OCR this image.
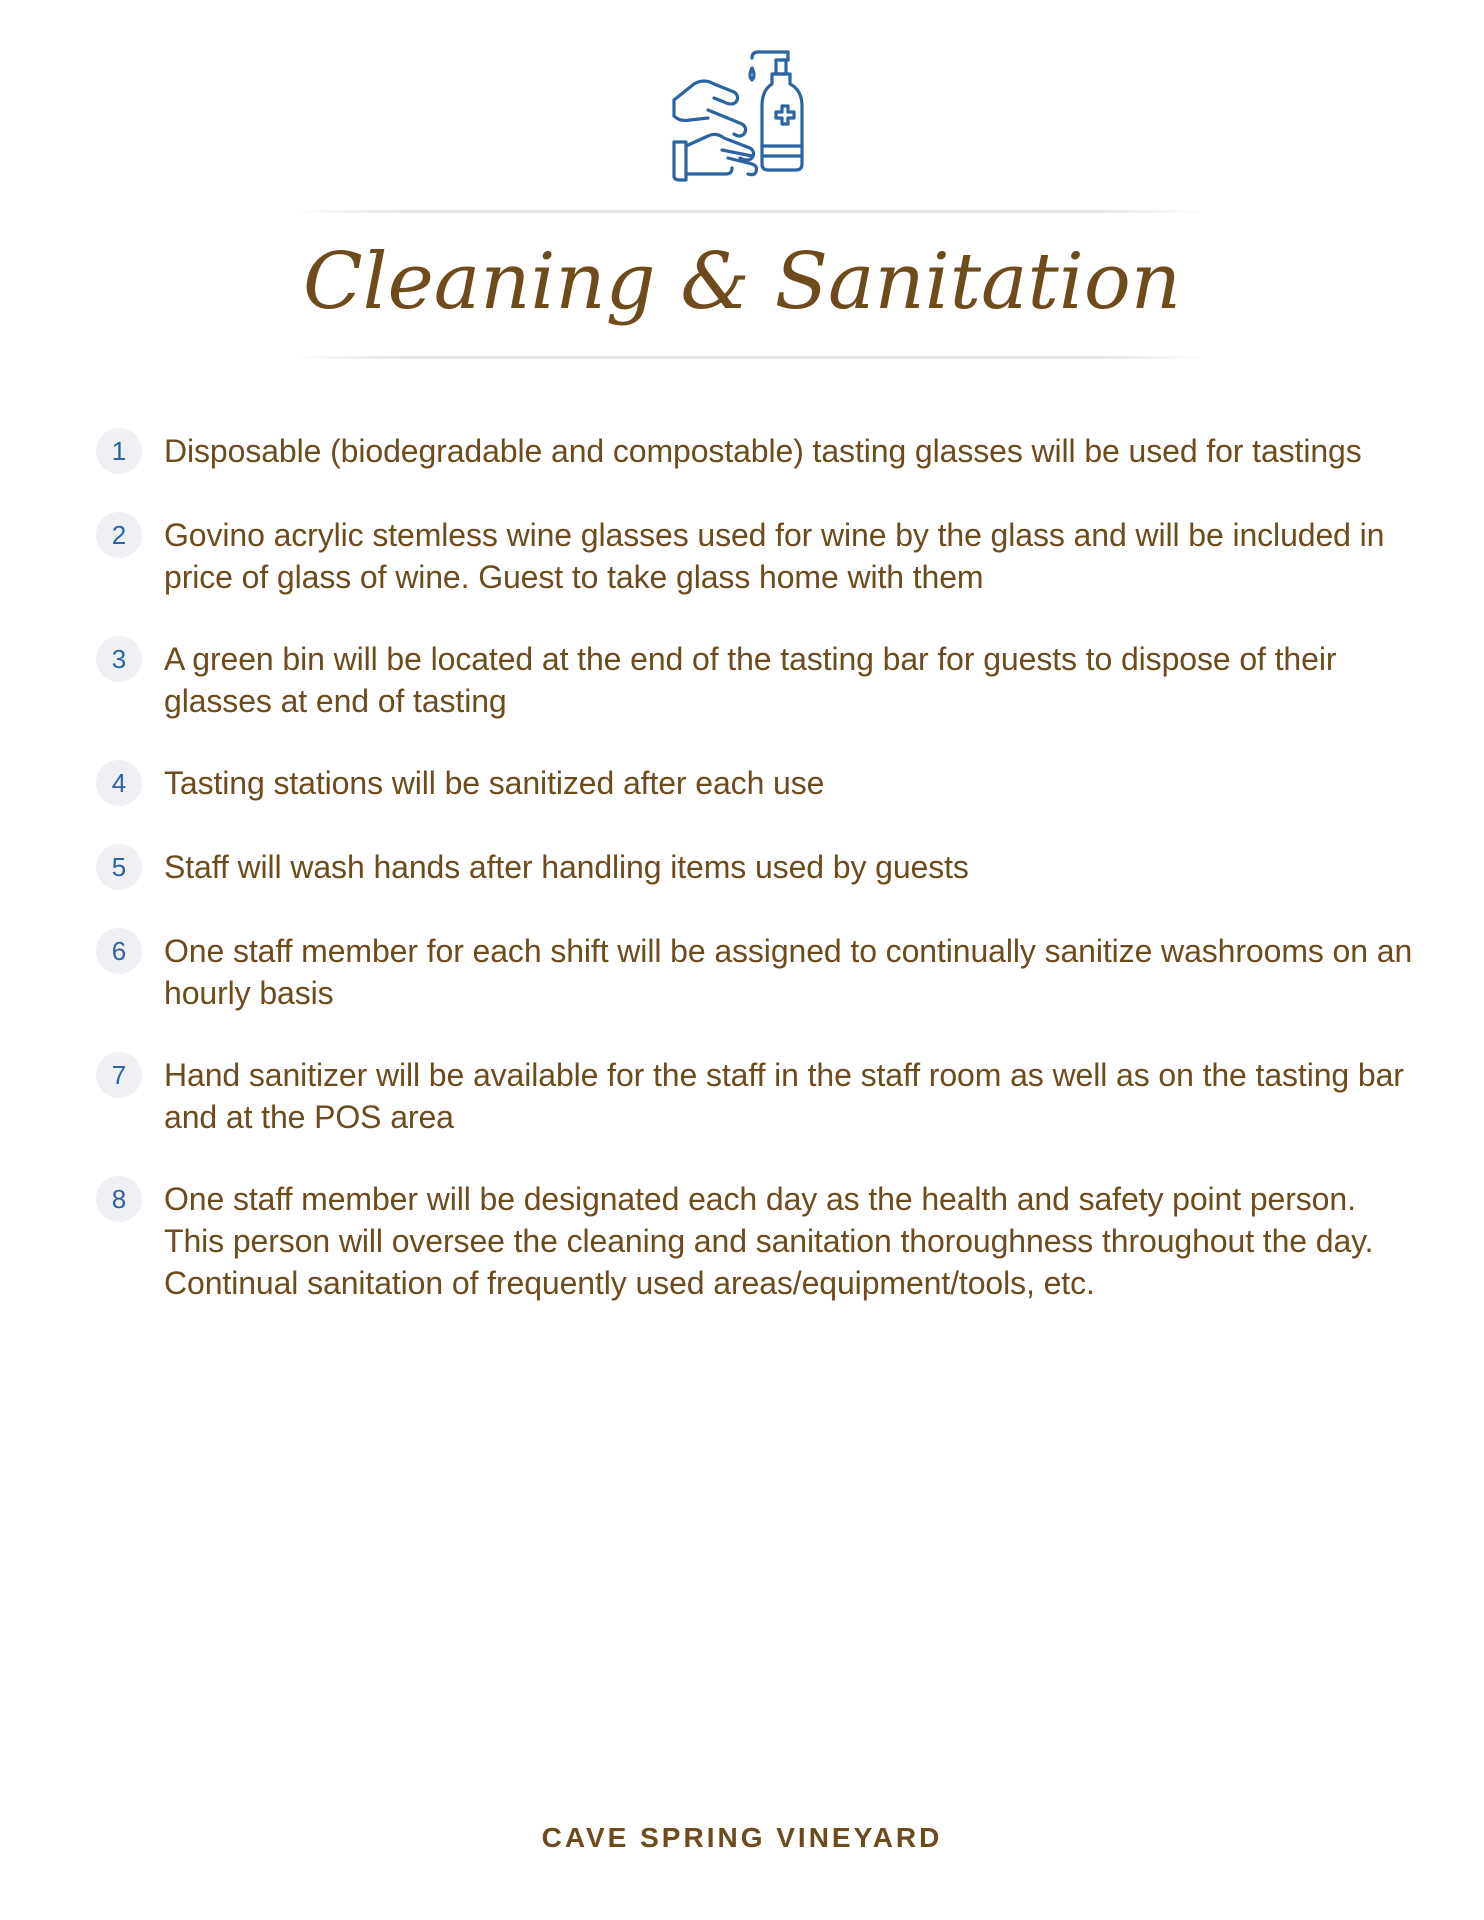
Cleaning & Sanitation
1	Disposable (biodegradable and compostable) tasting glasses will be used for tastings
2	Govino acrylic stemless wine glasses used for wine by the glass and will be included in price of glass of wine. Guest to take glass home with them
3	A green bin will be located at the end of the tasting bar for guests to dispose of their glasses at end of tasting
4	Tasting stations will be sanitized after each use
5	Staff will wash hands after handling items used by guests
6	One staff member for each shift will be assigned to continually sanitize washrooms on an hourly basis
7	Hand sanitizer will be available for the staff in the staff room as well as on the tasting bar and at the POS area
8	One staff member will be designated each day as the health and safety point person. This person will oversee the cleaning and sanitation thoroughness throughout the day. Continual sanitation of frequently used areas/equipment/tools, etc.
CAVE SPRING VINEYARD
